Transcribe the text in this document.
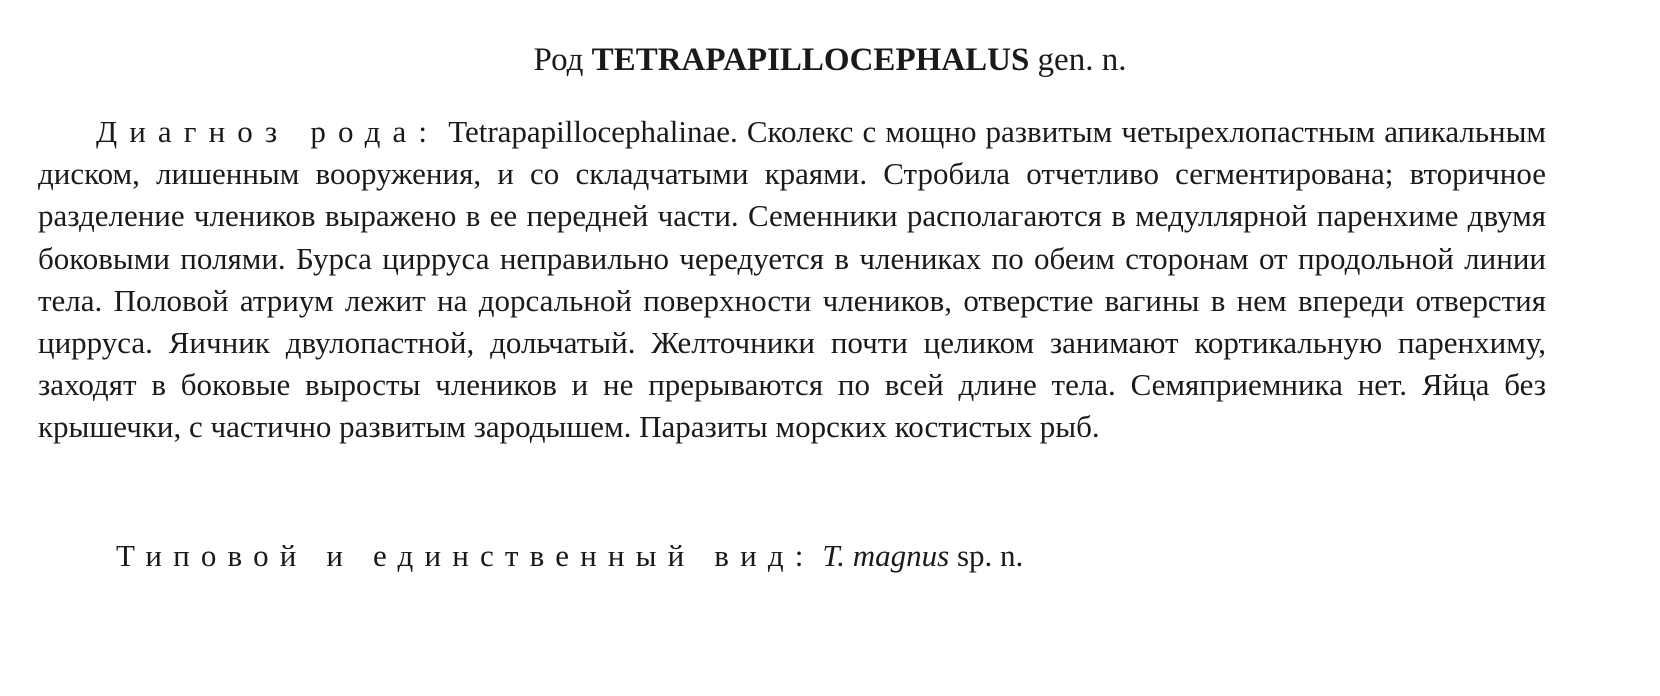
Род TETRAPAPILLOCEPHALUS gen. n.

Диагноз рода: Tetrapapillocephalinae. Сколекс с мощно развитым четырехлопастным апикальным диском, лишенным вооружения, и со складчатыми краями. Стробила отчетливо сегментирована; вторичное разделение члеников выражено в ее передней части. Семенники располагаются в медуллярной паренхиме двумя боковыми полями. Бурса цирруса неправильно чередуется в члениках по обеим сторонам от продольной линии тела. Половой атриум лежит на дорсальной поверхности члеников, отверстие вагины в нем впереди отверстия цирруса. Яичник двулопастной, дольчатый. Желточники почти целиком занимают кортикальную паренхиму, заходят в боковые выросты члеников и не прерываются по всей длине тела. Семяприемника нет. Яйца без крышечки, с частично развитым зародышем. Паразиты морских костистых рыб.

Типовой и единственный вид: T. magnus sp. n.
